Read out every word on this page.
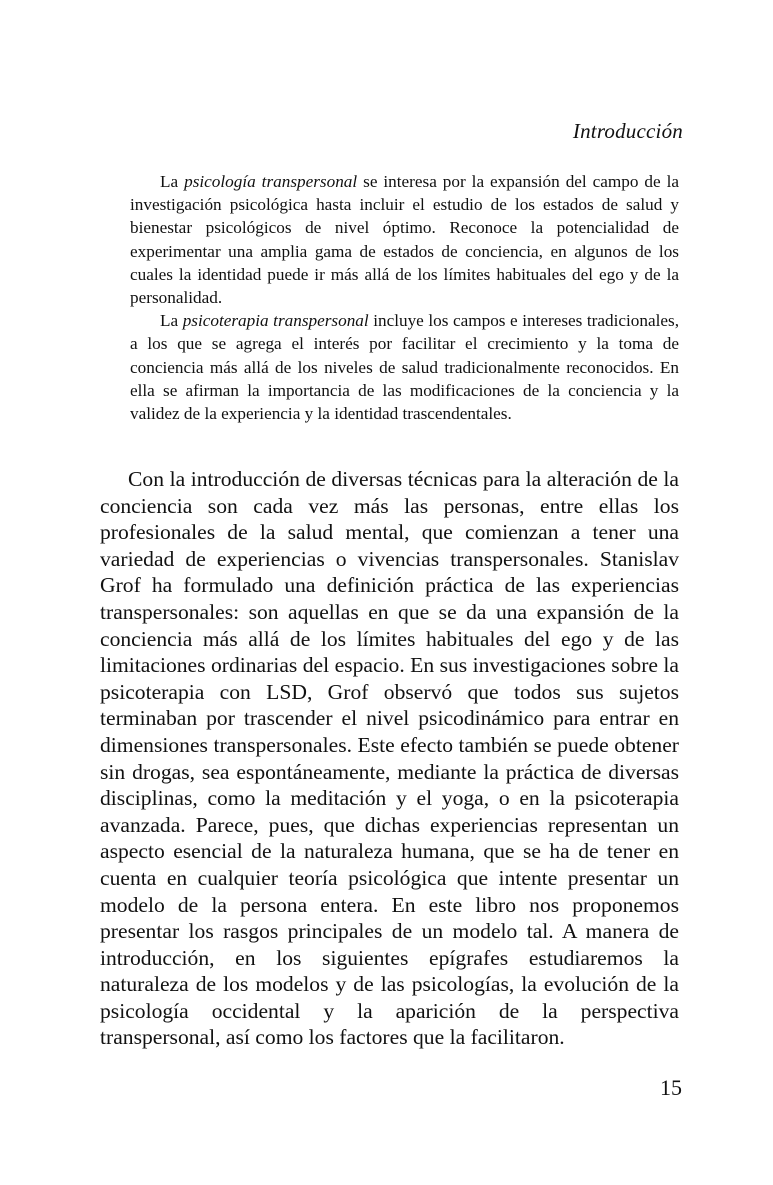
Introducción

La psicología transpersonal se interesa por la expansión del campo de la investigación psicológica hasta incluir el estudio de los estados de salud y bienestar psicológicos de nivel óptimo. Reconoce la potencialidad de experimentar una amplia gama de estados de conciencia, en algunos de los cuales la identidad puede ir más allá de los límites habituales del ego y de la personalidad.

La psicoterapia transpersonal incluye los campos e intereses tradicionales, a los que se agrega el interés por facilitar el crecimiento y la toma de conciencia más allá de los niveles de salud tradicionalmente reconocidos. En ella se afirman la importancia de las modificaciones de la conciencia y la validez de la experiencia y la identidad trascendentales.

Con la introducción de diversas técnicas para la alteración de la conciencia son cada vez más las personas, entre ellas los profesionales de la salud mental, que comienzan a tener una variedad de experiencias o vivencias transpersonales. Stanislav Grof ha formulado una definición práctica de las experiencias transpersonales: son aquellas en que se da una expansión de la conciencia más allá de los límites habituales del ego y de las limitaciones ordinarias del espacio. En sus investigaciones sobre la psicoterapia con LSD, Grof observó que todos sus sujetos terminaban por trascender el nivel psicodinámico para entrar en dimensiones transpersonales. Este efecto también se puede obtener sin drogas, sea espontáneamente, mediante la práctica de diversas disciplinas, como la meditación y el yoga, o en la psicoterapia avanzada. Parece, pues, que dichas experiencias representan un aspecto esencial de la naturaleza humana, que se ha de tener en cuenta en cualquier teoría psicológica que intente presentar un modelo de la persona entera. En este libro nos proponemos presentar los rasgos principales de un modelo tal. A manera de introducción, en los siguientes epígrafes estudiaremos la naturaleza de los modelos y de las psicologías, la evolución de la psicología occidental y la aparición de la perspectiva transpersonal, así como los factores que la facilitaron.

15
